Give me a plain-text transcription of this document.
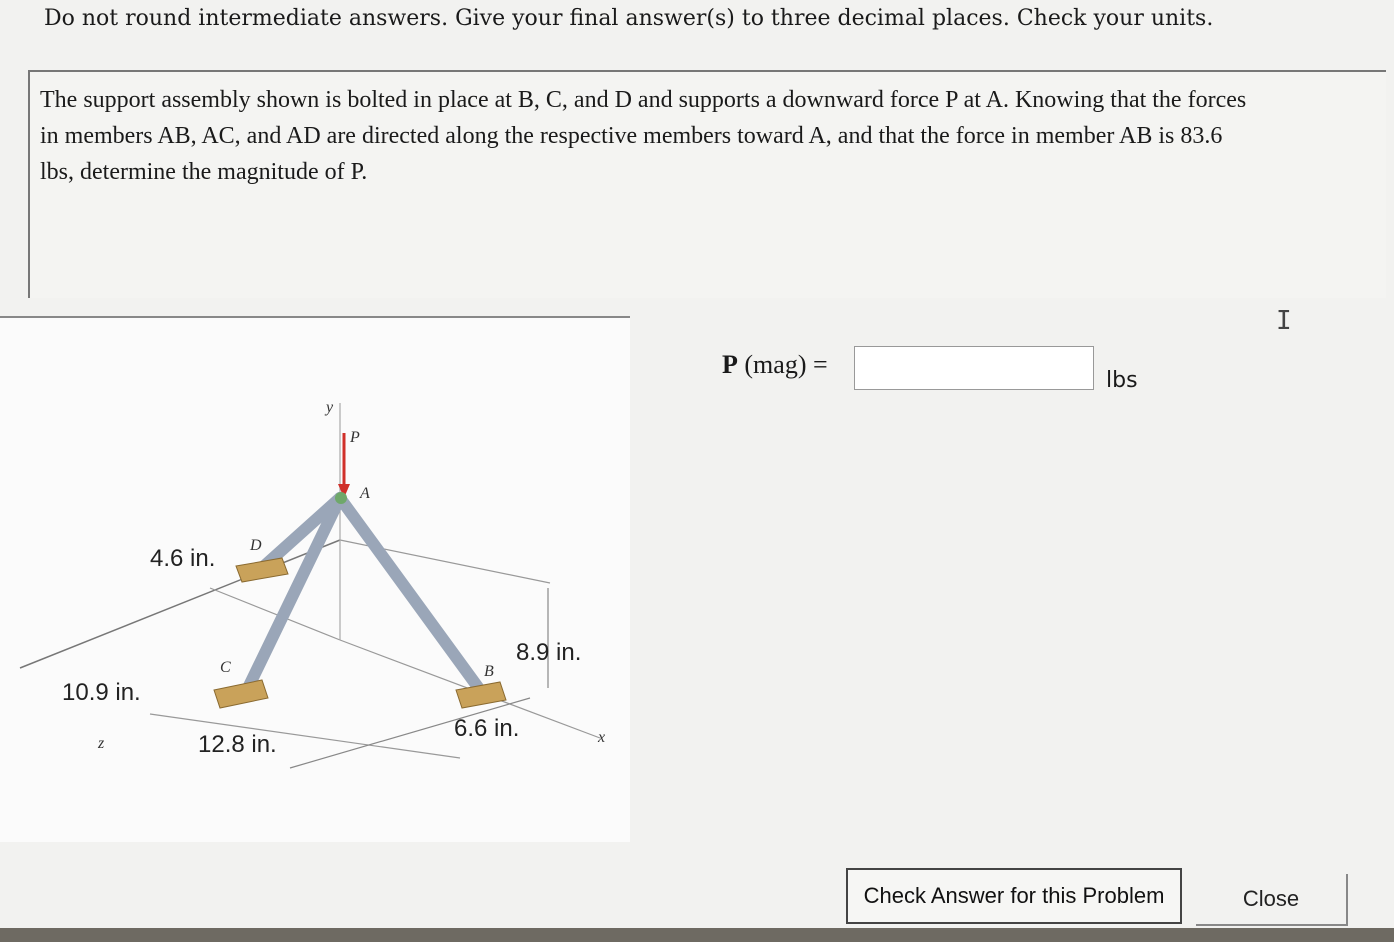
Do not round intermediate answers. Give your final answer(s) to three decimal places. Check your units.
The support assembly shown is bolted in place at B, C, and D and supports a downward force P at A. Knowing that the forces
in members AB, AC, and AD are directed along the respective members toward A, and that the force in member AB is 83.6
lbs, determine the magnitude of P.
I
y
P
A
D
C	B
x
z
4.6 in.
10.9 in.
12.8 in.
8.9 in.
6.6 in.
P (mag) =
lbs
Check Answer for this Problem	Close
